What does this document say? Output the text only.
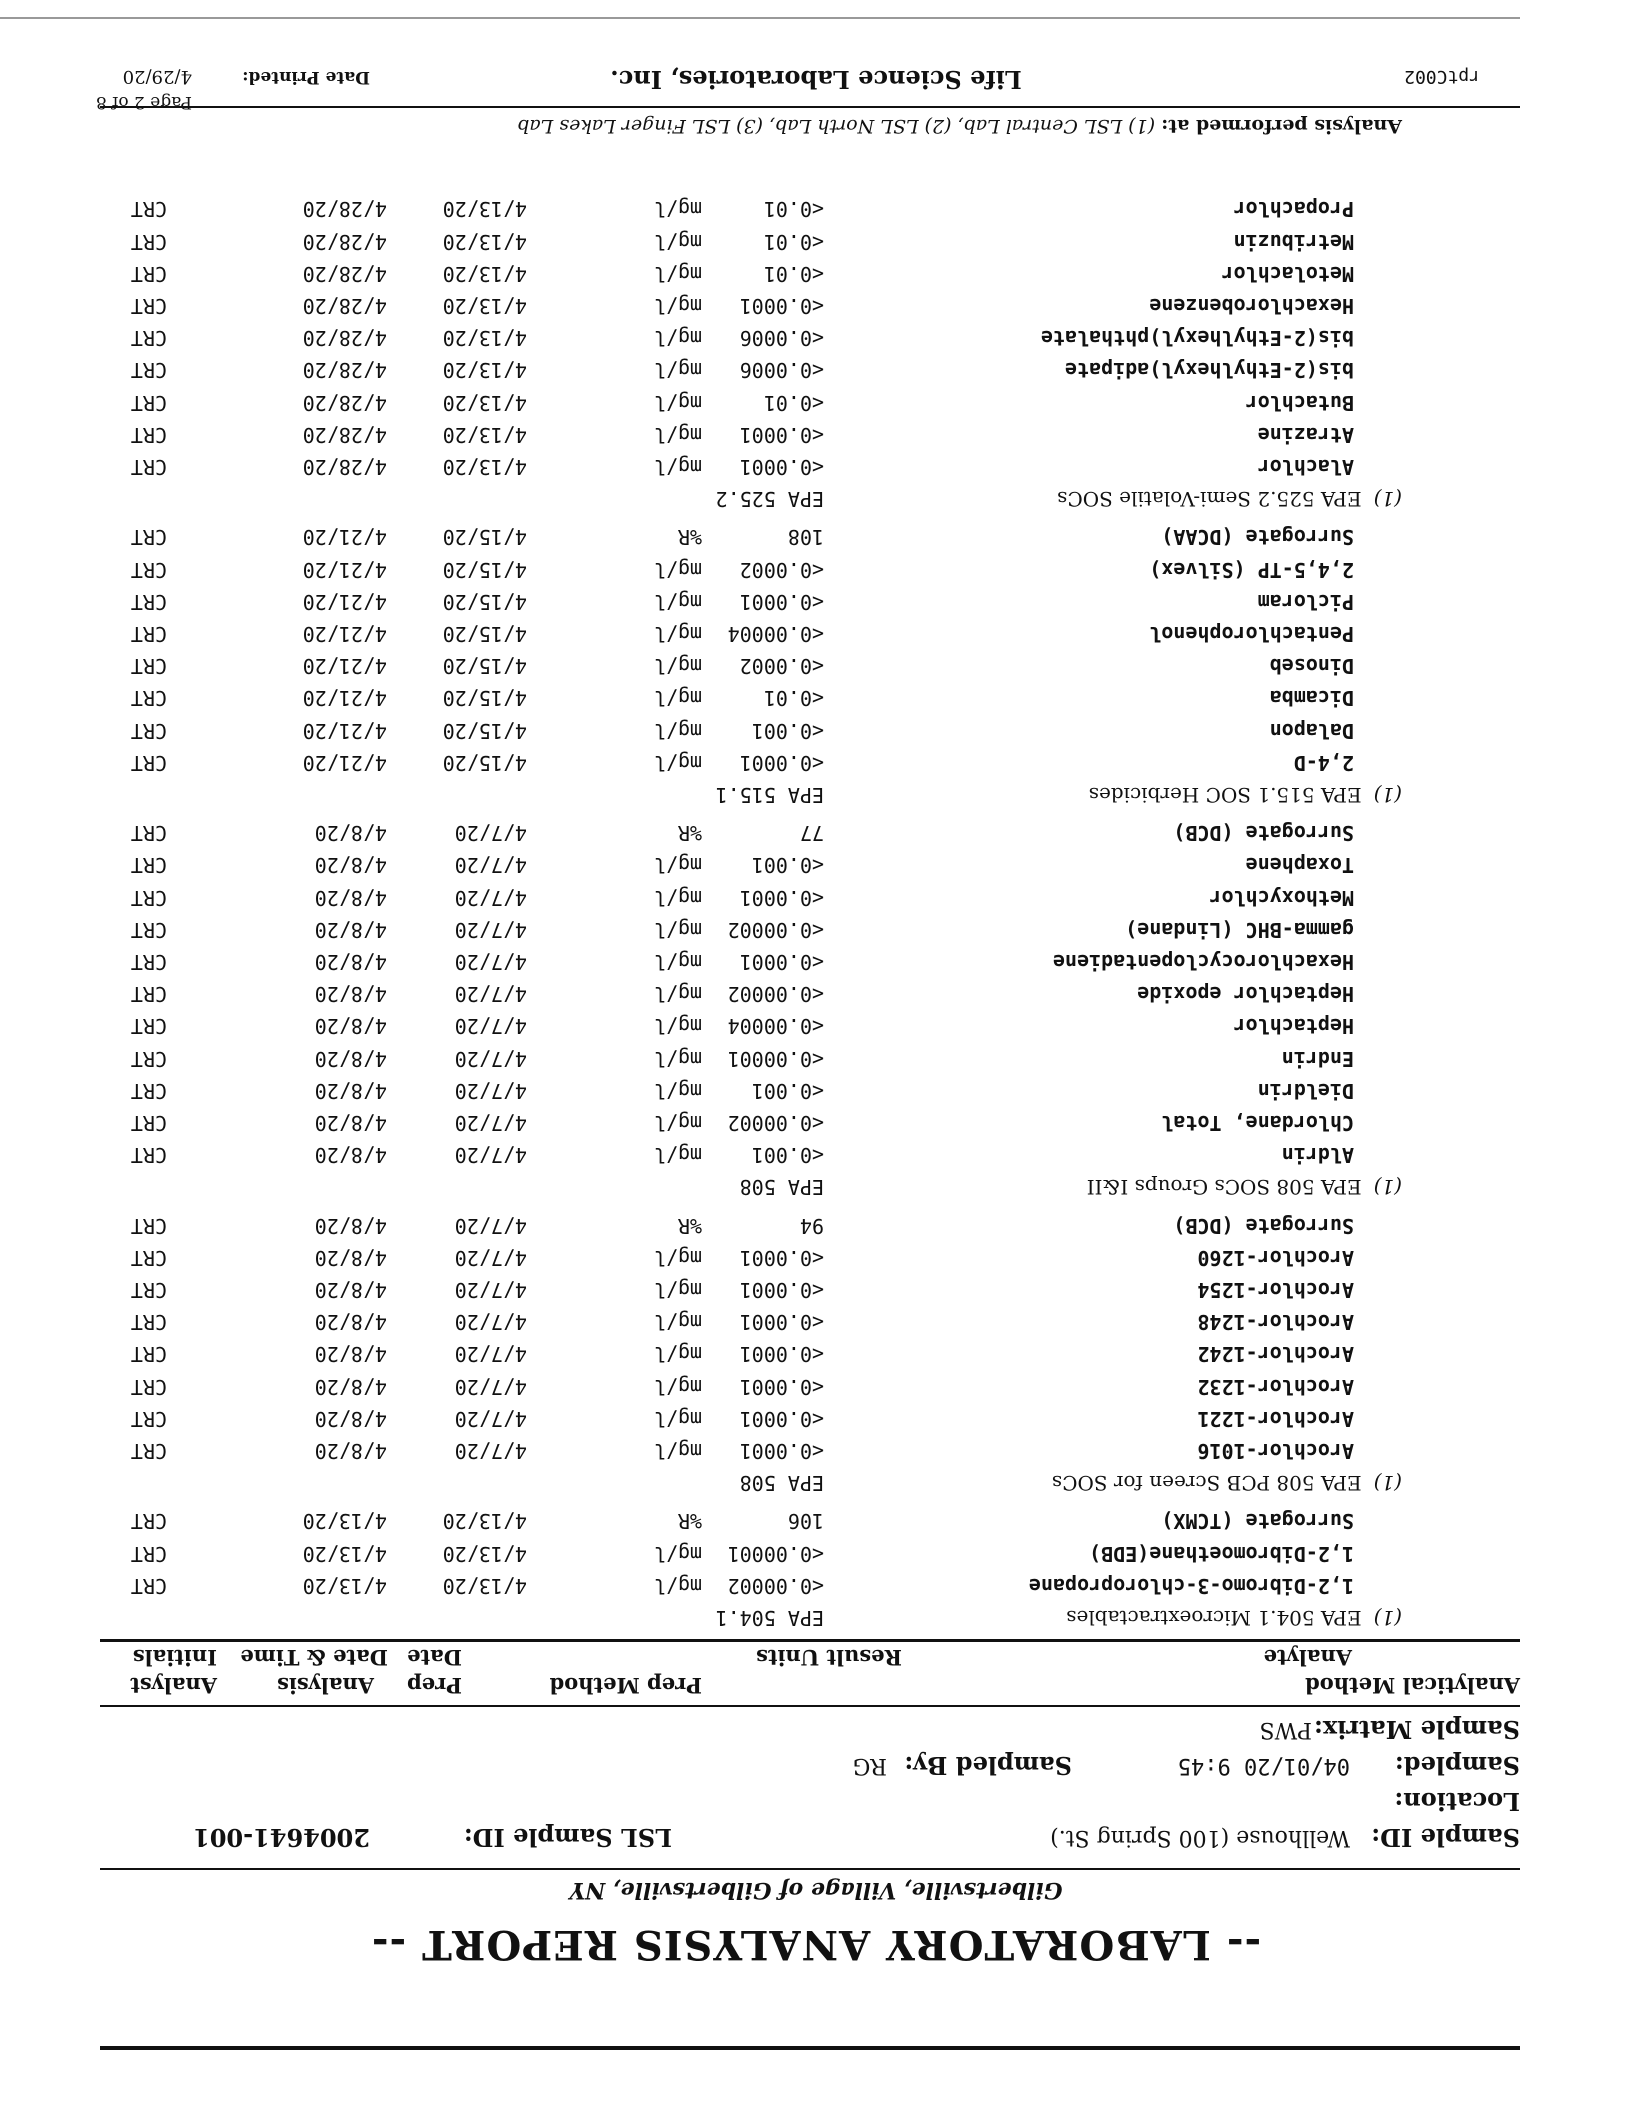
-- LABORATORY ANALYSIS REPORT --
Gilbertsville, Village of Gilbertsville, NY
Sample ID:
Wellhouse (100 Spring St.)
LSL Sample ID:
2004641-001
Location:
Sampled:
04/01/20 9:45
Sampled By:
RG
Sample Matrix:
PWS
Analytical Method
Analyte
Result Units
Prep Method
Prep
Date
Analysis
Date & Time
Analyst
Initials
(1)EPA 504.1 Microextractables
EPA 504.1
1,2-Dibromo-3-chloropropane
<0.00002
mg/l
4/13/20
4/13/20
CRT
1,2-Dibromoethane(EDB)
<0.00001
mg/l
4/13/20
4/13/20
CRT
Surrogate (TCMX)
106
%R
4/13/20
4/13/20
CRT
(1)EPA 508 PCB Screen for SOCs
EPA 508
Arochlor-1016
<0.0001
mg/l
4/7/20
4/8/20
CRT
Arochlor-1221
<0.0001
mg/l
4/7/20
4/8/20
CRT
Arochlor-1232
<0.0001
mg/l
4/7/20
4/8/20
CRT
Arochlor-1242
<0.0001
mg/l
4/7/20
4/8/20
CRT
Arochlor-1248
<0.0001
mg/l
4/7/20
4/8/20
CRT
Arochlor-1254
<0.0001
mg/l
4/7/20
4/8/20
CRT
Arochlor-1260
<0.0001
mg/l
4/7/20
4/8/20
CRT
Surrogate (DCB)
94
%R
4/7/20
4/8/20
CRT
(1)EPA 508 SOCs Groups I&II
EPA 508
Aldrin
<0.001
mg/l
4/7/20
4/8/20
CRT
Chlordane, Total
<0.00002
mg/l
4/7/20
4/8/20
CRT
Dieldrin
<0.001
mg/l
4/7/20
4/8/20
CRT
Endrin
<0.00001
mg/l
4/7/20
4/8/20
CRT
Heptachlor
<0.00004
mg/l
4/7/20
4/8/20
CRT
Heptachlor epoxide
<0.00002
mg/l
4/7/20
4/8/20
CRT
Hexachlorocyclopentadiene
<0.0001
mg/l
4/7/20
4/8/20
CRT
gamma-BHC (Lindane)
<0.00002
mg/l
4/7/20
4/8/20
CRT
Methoxychlor
<0.0001
mg/l
4/7/20
4/8/20
CRT
Toxaphene
<0.001
mg/l
4/7/20
4/8/20
CRT
Surrogate (DCB)
77
%R
4/7/20
4/8/20
CRT
(1)EPA 515.1 SOC Herbicides
EPA 515.1
2,4-D
<0.0001
mg/l
4/15/20
4/21/20
CRT
Dalapon
<0.001
mg/l
4/15/20
4/21/20
CRT
Dicamba
<0.01
mg/l
4/15/20
4/21/20
CRT
Dinoseb
<0.0002
mg/l
4/15/20
4/21/20
CRT
Pentachlorophenol
<0.00004
mg/l
4/15/20
4/21/20
CRT
Picloram
<0.0001
mg/l
4/15/20
4/21/20
CRT
2,4,5-TP (Silvex)
<0.0002
mg/l
4/15/20
4/21/20
CRT
Surrogate (DCAA)
108
%R
4/15/20
4/21/20
CRT
(1)EPA 525.2 Semi-Volatile SOCs
EPA 525.2
Alachlor
<0.0001
mg/l
4/13/20
4/28/20
CRT
Atrazine
<0.0001
mg/l
4/13/20
4/28/20
CRT
Butachlor
<0.01
mg/l
4/13/20
4/28/20
CRT
bis(2-Ethylhexyl)adipate
<0.0006
mg/l
4/13/20
4/28/20
CRT
bis(2-Ethylhexyl)phthalate
<0.0006
mg/l
4/13/20
4/28/20
CRT
Hexachlorobenzene
<0.0001
mg/l
4/13/20
4/28/20
CRT
Metolachlor
<0.01
mg/l
4/13/20
4/28/20
CRT
Metribuzin
<0.01
mg/l
4/13/20
4/28/20
CRT
Propachlor
<0.01
mg/l
4/13/20
4/28/20
CRT
Analysis performed at: (1) LSL Central Lab, (2) LSL North Lab, (3) LSL Finger Lakes Lab
rptC002
Life Science Laboratories, Inc.
Page 2 of 8
Date Printed:
4/29/20
